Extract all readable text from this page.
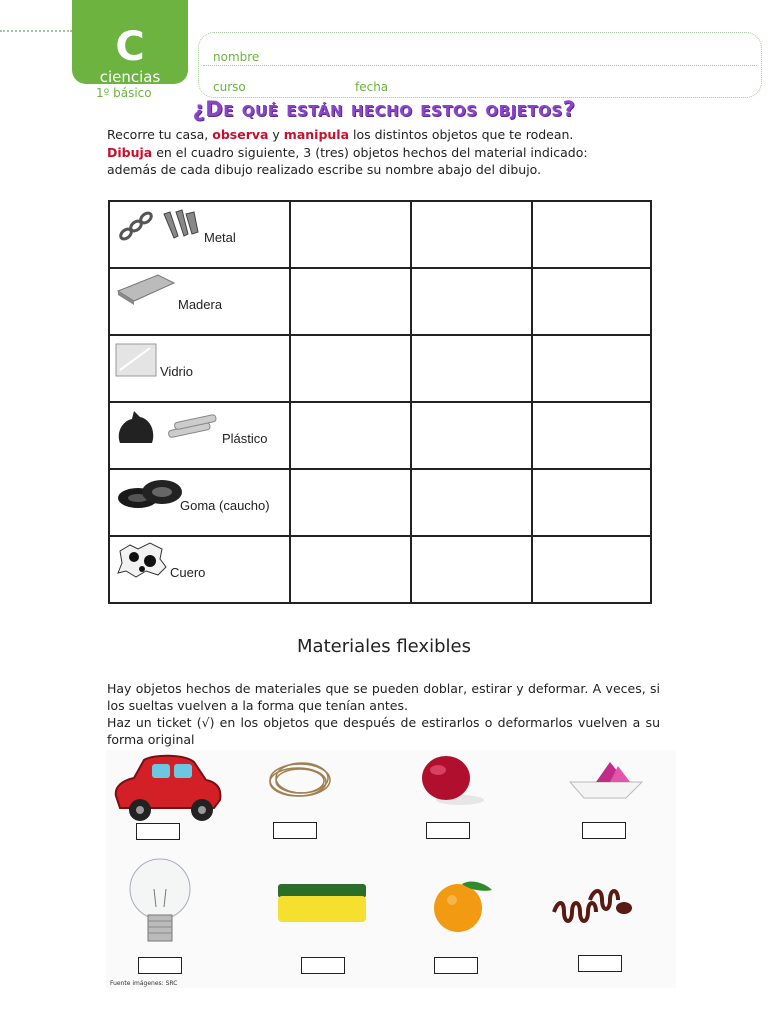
C
ciencias
1º básico
nombre
curso	fecha
¿De qué están hecho estos objetos?
Recorre tu casa, observa y manipula los distintos objetos que te rodean.
Dibuja en el cuadro siguiente, 3 (tres) objetos hechos del material indicado:
además de cada dibujo realizado escribe su nombre abajo del dibujo.
Metal			

Madera			

Vidrio			

Plástico			

Goma (caucho)			

Cuero			

Materiales flexibles
Hay objetos hechos de materiales que se pueden doblar, estirar y deformar. A veces, si los sueltas vuelven a la forma que tenían antes.
Haz un ticket (√) en los objetos que después de estirarlos o deformarlos vuelven a su forma original
Fuente imágenes: SRC
